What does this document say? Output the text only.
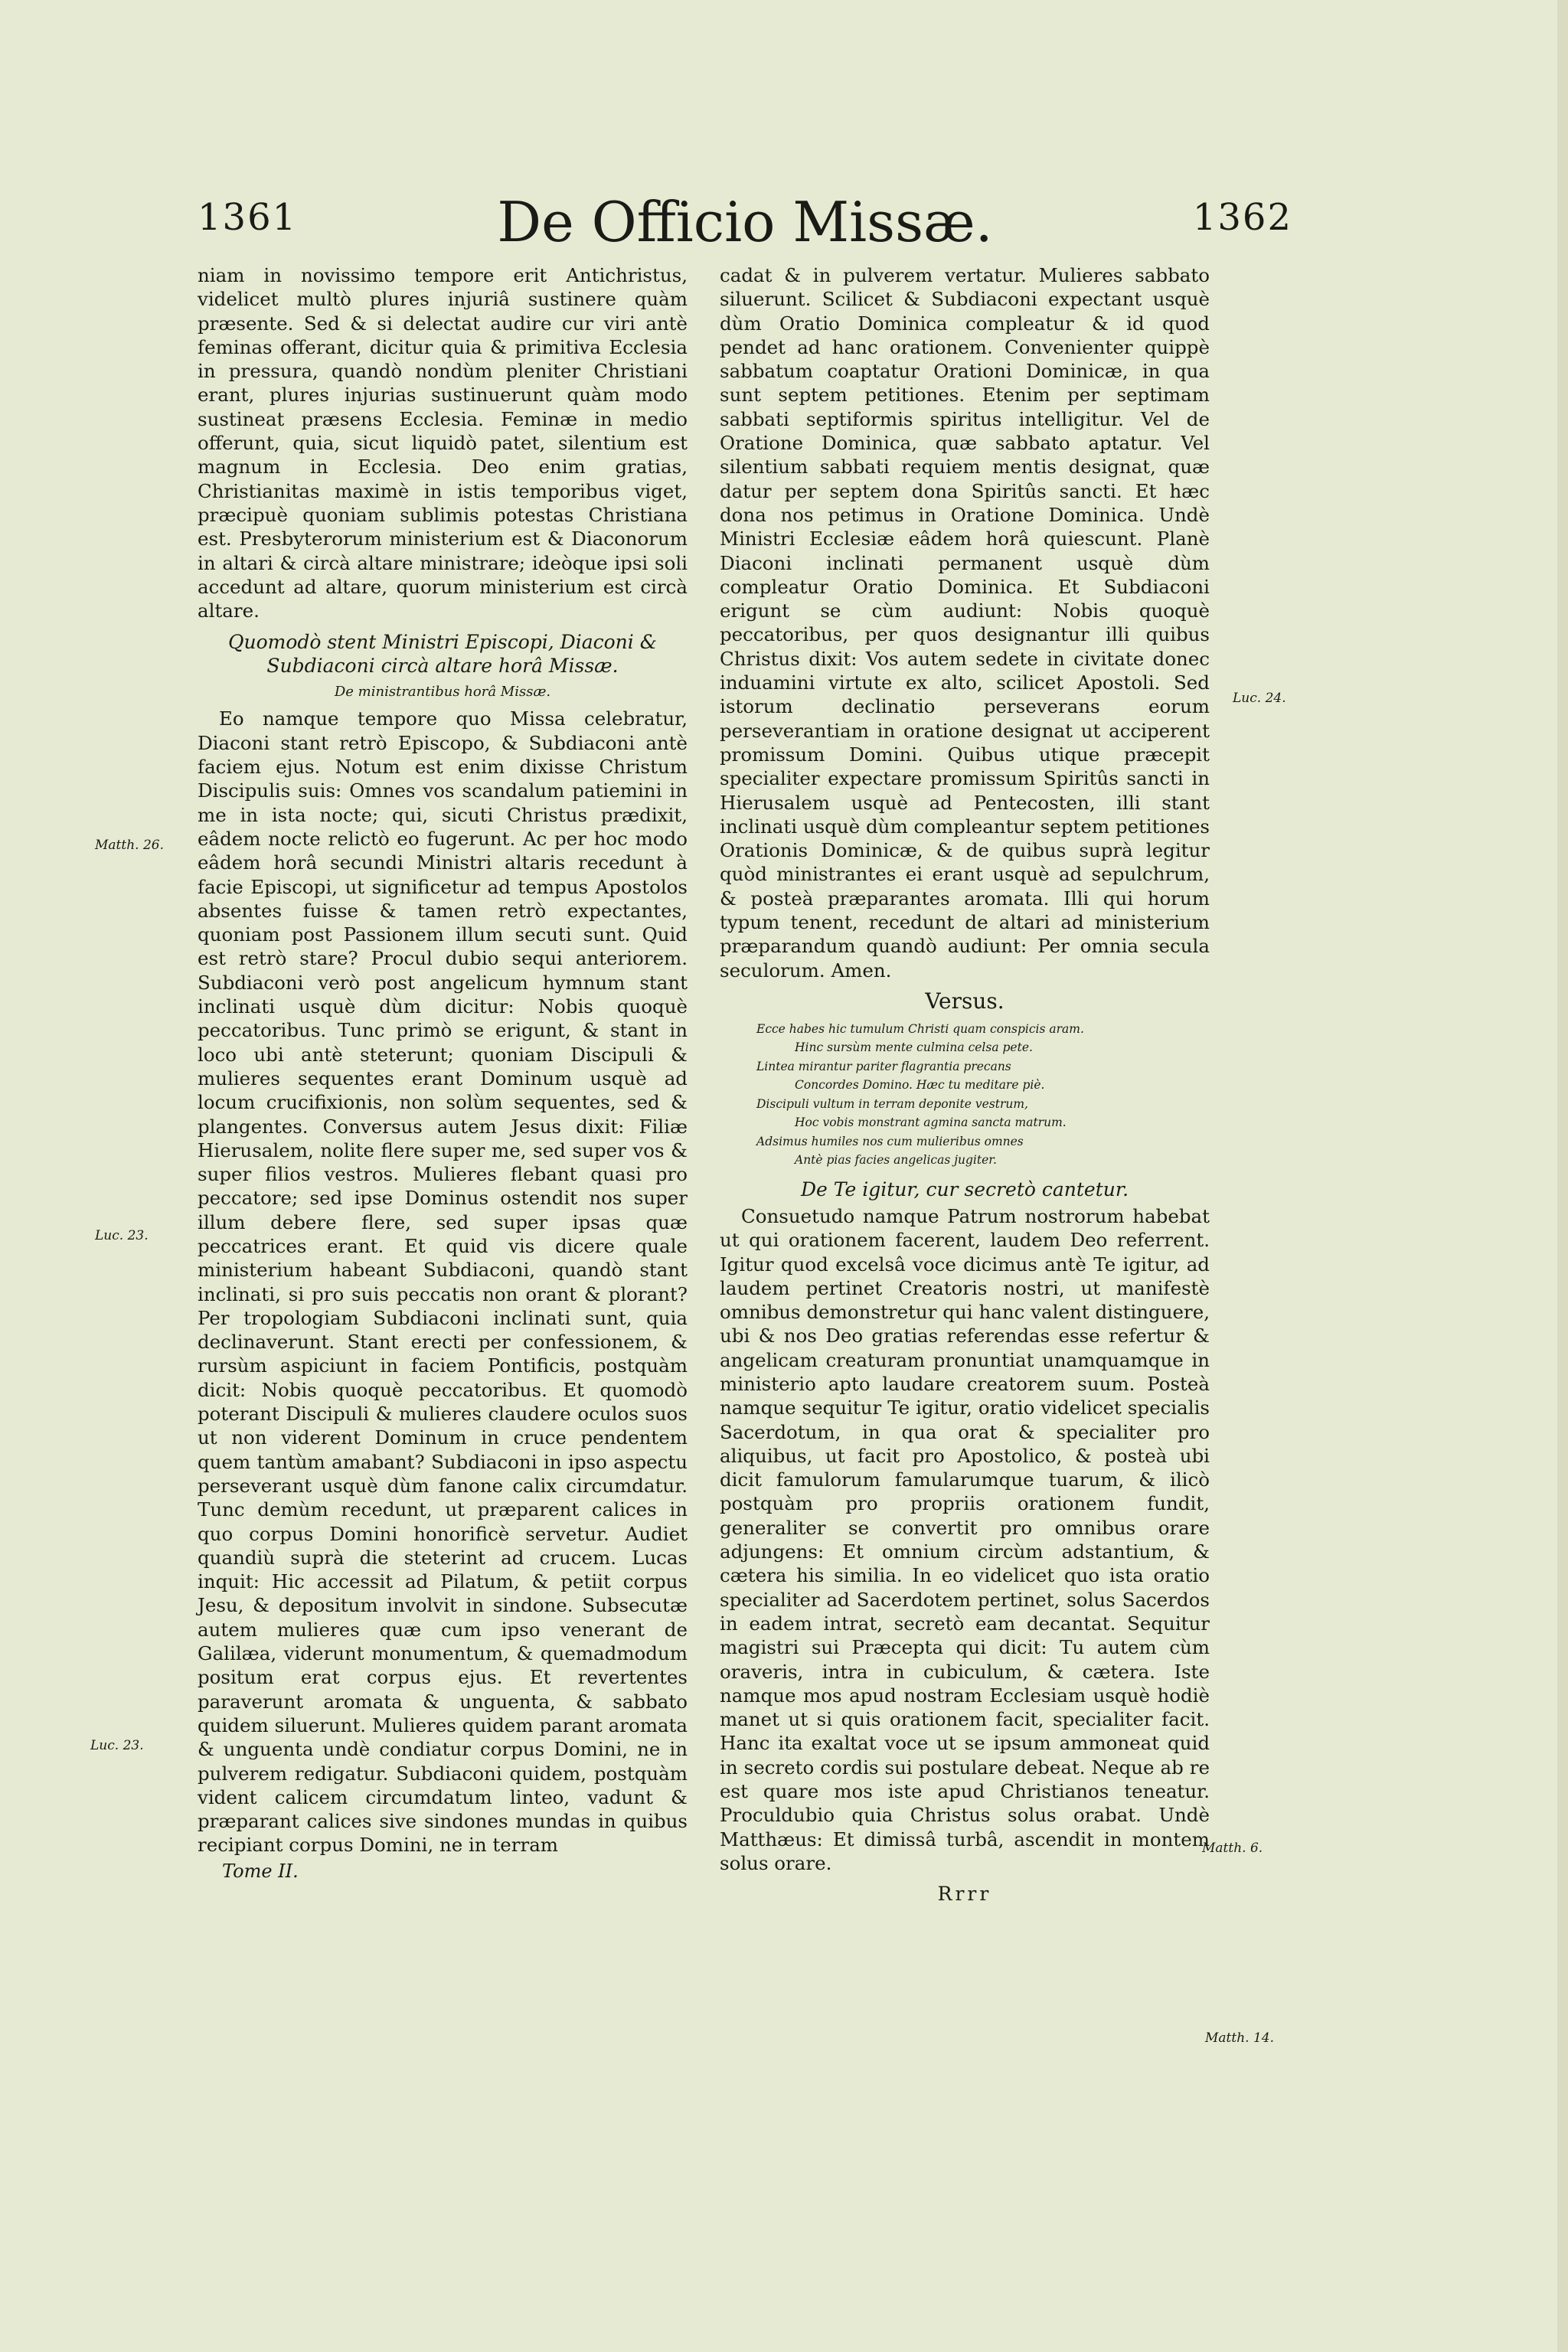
1361	De Officio Missæ.	1362

niam in novissimo tempore erit Antichristus, videlicet multò plures injuriâ sustinere quàm præsente. Sed & si delectat audire cur viri antè feminas offerant, dicitur quia & primitiva Ecclesia in pressura, quandò nondùm pleniter Christiani erant, plures injurias sustinuerunt quàm modo sustineat præsens Ecclesia. Feminæ in medio offerunt, quia, sicut liquidò patet, silentium est magnum in Ecclesia. Deo enim gratias, Christianitas maximè in istis temporibus viget, præcipuè quoniam sublimis potestas Christiana est. Presbyterorum ministerium est & Diaconorum in altari & circà altare ministrare; ideòque ipsi soli accedunt ad altare, quorum ministerium est circà altare.

Quomodò stent Ministri Episcopi, Diaconi & Subdiaconi circà altare horâ Missæ.
De ministrantibus horâ Missæ.

Eo namque tempore quo Missa celebratur, Diaconi stant retrò Episcopo, & Subdiaconi antè faciem ejus. Notum est enim dixisse Christum Discipulis suis: Omnes vos scandalum patiemini in me in ista nocte; qui, sicuti Christus prædixit, eâdem nocte relictò eo fugerunt. Ac per hoc modo eâdem horâ secundi Ministri altaris recedunt à facie Episcopi, ut significetur ad tempus Apostolos absentes fuisse & tamen retrò expectantes, quoniam post Passionem illum secuti sunt. Quid est retrò stare? Procul dubio sequi anteriorem. Subdiaconi verò post angelicum hymnum stant inclinati usquè dùm dicitur: Nobis quoquè peccatoribus. Tunc primò se erigunt, & stant in loco ubi antè steterunt; quoniam Discipuli & mulieres sequentes erant Dominum usquè ad locum crucifixionis, non solùm sequentes, sed & plangentes. Conversus autem Jesus dixit: Filiæ Hierusalem, nolite flere super me, sed super vos & super filios vestros. Mulieres flebant quasi pro peccatore; sed ipse Dominus ostendit nos super illum debere flere, sed super ipsas quæ peccatrices erant. Et quid vis dicere quale ministerium habeant Subdiaconi, quandò stant inclinati, si pro suis peccatis non orant & plorant? Per tropologiam Subdiaconi inclinati sunt, quia declinaverunt. Stant erecti per confessionem, & rursùm aspiciunt in faciem Pontificis, postquàm dicit: Nobis quoquè peccatoribus. Et quomodò poterant Discipuli & mulieres claudere oculos suos ut non viderent Dominum in cruce pendentem quem tantùm amabant? Subdiaconi in ipso aspectu perseverant usquè dùm fanone calix circumdatur. Tunc demùm recedunt, ut præparent calices in quo corpus Domini honorificè servetur. Audiet quandiù suprà die steterint ad crucem. Lucas inquit: Hic accessit ad Pilatum, & petiit corpus Jesu, & depositum involvit in sindone. Subsecutæ autem mulieres quæ cum ipso venerant de Galilæa, viderunt monumentum, & quemadmodum positum erat corpus ejus. Et revertentes paraverunt aromata & unguenta, & sabbato quidem siluerunt. Mulieres quidem parant aromata & unguenta undè condiatur corpus Domini, ne in pulverem redigatur. Subdiaconi quidem, postquàm vident calicem circumdatum linteo, vadunt & præparant calices sive sindones mundas in quibus recipiant corpus Domini, ne in terram

Tome II.

cadat & in pulverem vertatur. Mulieres sabbato siluerunt. Scilicet & Subdiaconi expectant usquè dùm Oratio Dominica compleatur & id quod pendet ad hanc orationem. Convenienter quippè sabbatum coaptatur Orationi Dominicæ, in qua sunt septem petitiones. Etenim per septimam sabbati septiformis spiritus intelligitur. Vel de Oratione Dominica, quæ sabbato aptatur. Vel silentium sabbati requiem mentis designat, quæ datur per septem dona Spiritûs sancti. Et hæc dona nos petimus in Oratione Dominica. Undè Ministri Ecclesiæ eâdem horâ quiescunt. Planè Diaconi inclinati permanent usquè dùm compleatur Oratio Dominica. Et Subdiaconi erigunt se cùm audiunt: Nobis quoquè peccatoribus, per quos designantur illi quibus Christus dixit: Vos autem sedete in civitate donec induamini virtute ex alto, scilicet Apostoli. Sed istorum declinatio perseverans eorum perseverantiam in oratione designat ut acciperent promissum Domini. Quibus utique præcepit specialiter expectare promissum Spiritûs sancti in Hierusalem usquè ad Pentecosten, illi stant inclinati usquè dùm compleantur septem petitiones Orationis Dominicæ, & de quibus suprà legitur quòd ministrantes ei erant usquè ad sepulchrum, & posteà præparantes aromata. Illi qui horum typum tenent, recedunt de altari ad ministerium præparandum quandò audiunt: Per omnia secula seculorum. Amen.

Versus.
Ecce habes hic tumulum Christi quam conspicis aram.
Hinc sursùm mente culmina celsa pete.
Lintea mirantur pariter flagrantia precans
Concordes Domino. Hæc tu meditare piè.
Discipuli vultum in terram deponite vestrum,
Hoc vobis monstrant agmina sancta matrum.
Adsimus humiles nos cum mulieribus omnes
Antè pias facies angelicas jugiter.
De Te igitur, cur secretò cantetur.

Consuetudo namque Patrum nostrorum habebat ut qui orationem facerent, laudem Deo referrent. Igitur quod excelsâ voce dicimus antè Te igitur, ad laudem pertinet Creatoris nostri, ut manifestè omnibus demonstretur qui hanc valent distinguere, ubi & nos Deo gratias referendas esse refertur & angelicam creaturam pronuntiat unamquamque in ministerio apto laudare creatorem suum. Posteà namque sequitur Te igitur, oratio videlicet specialis Sacerdotum, in qua orat & specialiter pro aliquibus, ut facit pro Apostolico, & posteà ubi dicit famulorum famularumque tuarum, & ilicò postquàm pro propriis orationem fundit, generaliter se convertit pro omnibus orare adjungens: Et omnium circùm adstantium, & cætera his similia. In eo videlicet quo ista oratio specialiter ad Sacerdotem pertinet, solus Sacerdos in eadem intrat, secretò eam decantat. Sequitur magistri sui Præcepta qui dicit: Tu autem cùm oraveris, intra in cubiculum, & cætera. Iste namque mos apud nostram Ecclesiam usquè hodiè manet ut si quis orationem facit, specialiter facit. Hanc ita exaltat voce ut se ipsum ammoneat quid in secreto cordis sui postulare debeat. Neque ab re est quare mos iste apud Christianos teneatur. Proculdubio quia Christus solus orabat. Undè Matthæus: Et dimissâ turbâ, ascendit in montem solus orare.

Rrrr
Matth. 26.
Luc. 23.
Luc. 23.
Luc. 24.
Matth. 6.
Matth. 14.
